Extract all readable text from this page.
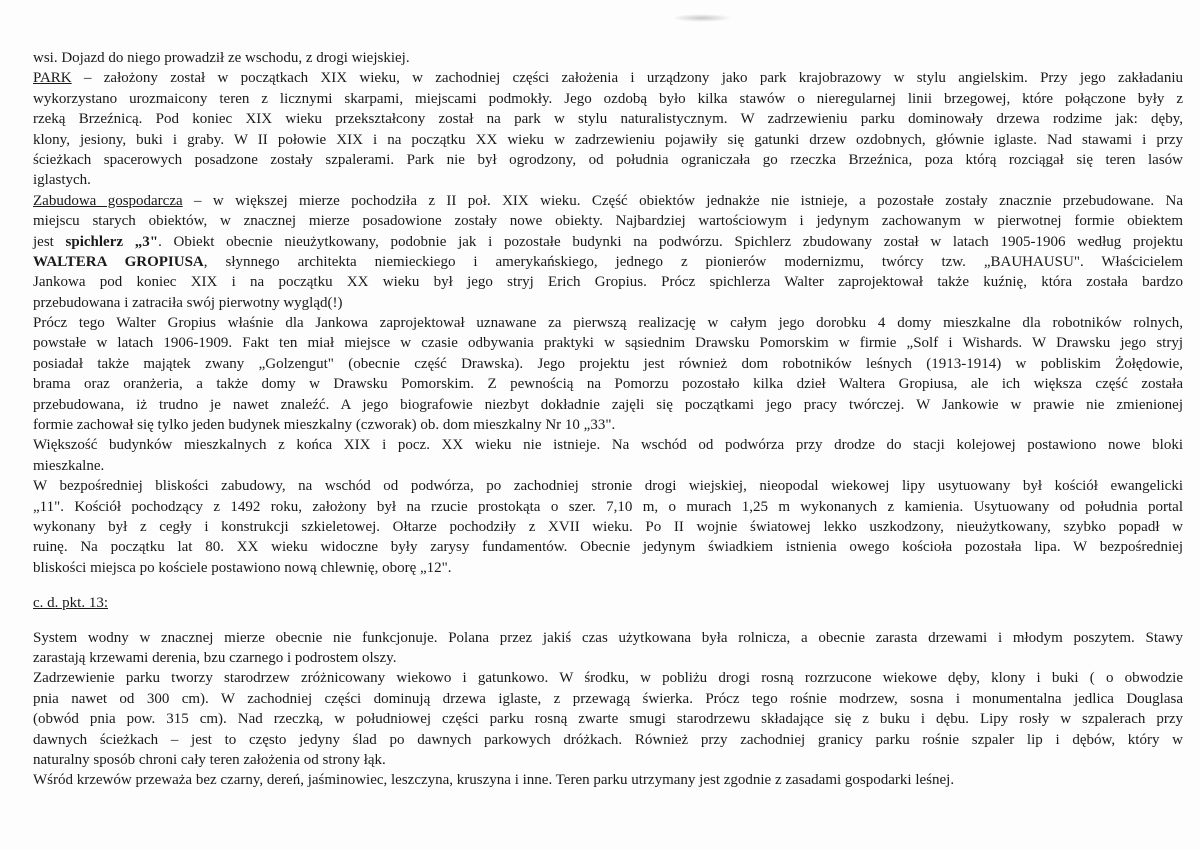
wsi. Dojazd do niego prowadził ze wschodu, z drogi wiejskiej.
PARK – założony został w początkach XIX wieku, w zachodniej części założenia i urządzony jako park krajobrazowy w stylu angielskim. Przy jego zakładaniu
wykorzystano urozmaicony teren z licznymi skarpami, miejscami podmokły. Jego ozdobą było kilka stawów o nieregularnej linii brzegowej, które połączone były z
rzeką Brzeźnicą. Pod koniec XIX wieku przekształcony został na park w stylu naturalistycznym. W zadrzewieniu parku dominowały drzewa rodzime jak: dęby,
klony, jesiony, buki i graby. W II połowie XIX i na początku XX wieku w zadrzewieniu pojawiły się gatunki drzew ozdobnych, głównie iglaste. Nad stawami i przy
ścieżkach spacerowych posadzone zostały szpalerami. Park nie był ogrodzony, od południa ograniczała go rzeczka Brzeźnica, poza którą rozciągał się teren lasów
iglastych.
Zabudowa gospodarcza – w większej mierze pochodziła z II poł. XIX wieku. Część obiektów jednakże nie istnieje, a pozostałe zostały znacznie przebudowane. Na
miejscu starych obiektów, w znacznej mierze posadowione zostały nowe obiekty. Najbardziej wartościowym i jedynym zachowanym w pierwotnej formie obiektem
jest spichlerz „3". Obiekt obecnie nieużytkowany, podobnie jak i pozostałe budynki na podwórzu. Spichlerz zbudowany został w latach 1905-1906 według projektu
WALTERA GROPIUSA, słynnego architekta niemieckiego i amerykańskiego, jednego z pionierów modernizmu, twórcy tzw. „BAUHAUSU". Właścicielem
Jankowa pod koniec XIX i na początku XX wieku był jego stryj Erich Gropius. Prócz spichlerza Walter zaprojektował także kuźnię, która została bardzo
przebudowana i zatraciła swój pierwotny wygląd(!)
Prócz tego Walter Gropius właśnie dla Jankowa zaprojektował uznawane za pierwszą realizację w całym jego dorobku 4 domy mieszkalne dla robotników rolnych,
powstałe w latach 1906-1909. Fakt ten miał miejsce w czasie odbywania praktyki w sąsiednim Drawsku Pomorskim w firmie „Solf i Wishards. W Drawsku jego stryj
posiadał także majątek zwany „Golzengut" (obecnie część Drawska). Jego projektu jest również dom robotników leśnych (1913-1914) w pobliskim Żołędowie,
brama oraz oranżeria, a także domy w Drawsku Pomorskim. Z pewnością na Pomorzu pozostało kilka dzieł Waltera Gropiusa, ale ich większa część została
przebudowana, iż trudno je nawet znaleźć. A jego biografowie niezbyt dokładnie zajęli się początkami jego pracy twórczej. W Jankowie w prawie nie zmienionej
formie zachował się tylko jeden budynek mieszkalny (czworak) ob. dom mieszkalny Nr 10 „33".
Większość budynków mieszkalnych z końca XIX i pocz. XX wieku nie istnieje. Na wschód od podwórza przy drodze do stacji kolejowej postawiono nowe bloki
mieszkalne.
W bezpośredniej bliskości zabudowy, na wschód od podwórza, po zachodniej stronie drogi wiejskiej, nieopodal wiekowej lipy usytuowany był kościół ewangelicki
„11". Kościół pochodzący z 1492 roku, założony był na rzucie prostokąta o szer. 7,10 m, o murach 1,25 m wykonanych z kamienia. Usytuowany od południa portal
wykonany był z cegły i konstrukcji szkieletowej. Ołtarze pochodziły z XVII wieku. Po II wojnie światowej lekko uszkodzony, nieużytkowany, szybko popadł w
ruinę. Na początku lat 80. XX wieku widoczne były zarysy fundamentów. Obecnie jedynym świadkiem istnienia owego kościoła pozostała lipa. W bezpośredniej
bliskości miejsca po kościele postawiono nową chlewnię, oborę „12".
c. d. pkt. 13:
System wodny w znacznej mierze obecnie nie funkcjonuje. Polana przez jakiś czas użytkowana była rolnicza, a obecnie zarasta drzewami i młodym poszytem. Stawy
zarastają krzewami derenia, bzu czarnego i podrostem olszy.
Zadrzewienie parku tworzy starodrzew zróżnicowany wiekowo i gatunkowo. W środku, w pobliżu drogi rosną rozrzucone wiekowe dęby, klony i buki ( o obwodzie
pnia nawet od 300 cm). W zachodniej części dominują drzewa iglaste, z przewagą świerka. Prócz tego rośnie modrzew, sosna i monumentalna jedlica Douglasa
(obwód pnia pow. 315 cm). Nad rzeczką, w południowej części parku rosną zwarte smugi starodrzewu składające się z buku i dębu. Lipy rosły w szpalerach przy
dawnych ścieżkach – jest to często jedyny ślad po dawnych parkowych dróżkach. Również przy zachodniej granicy parku rośnie szpaler lip i dębów, który w
naturalny sposób chroni cały teren założenia od strony łąk.
Wśród krzewów przeważa bez czarny, dereń, jaśminowiec, leszczyna, kruszyna i inne. Teren parku utrzymany jest zgodnie z zasadami gospodarki leśnej.
